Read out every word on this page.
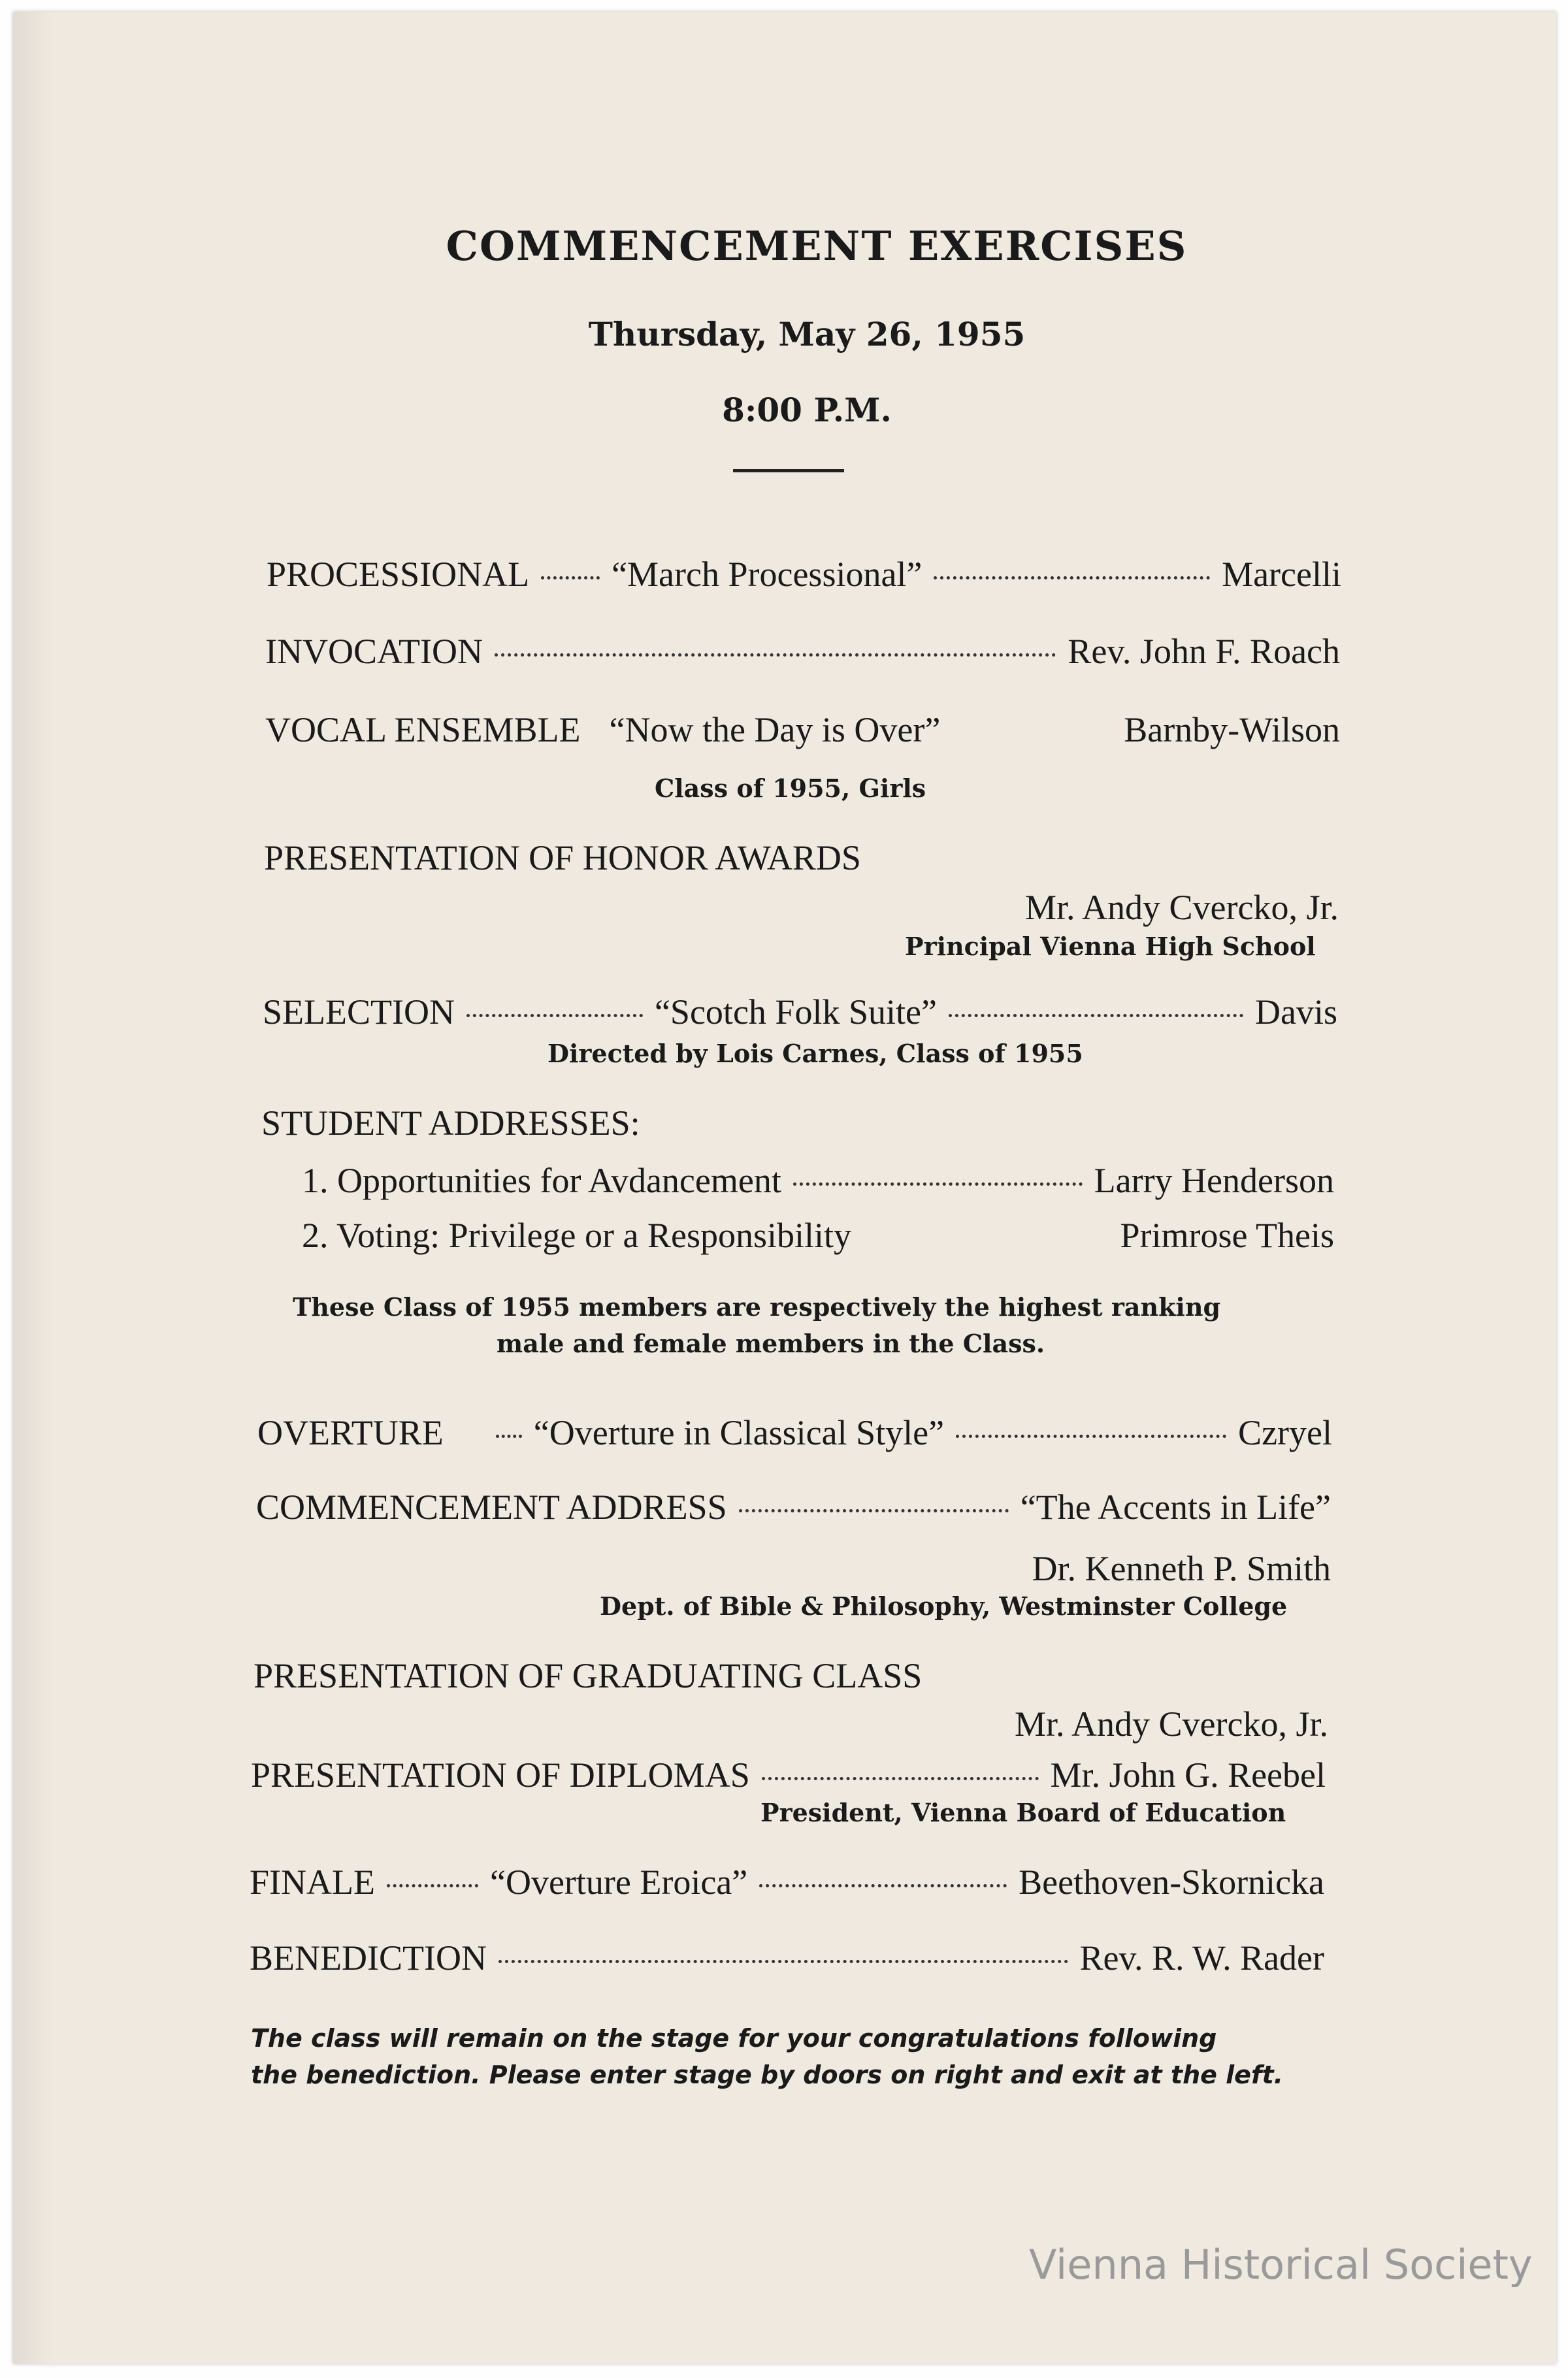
COMMENCEMENT EXERCISES
Thursday, May 26, 1955
8:00 P.M.
PROCESSIONAL “March Processional”	Marcelli
INVOCATION	Rev. John F. Roach
VOCAL ENSEMBLE “Now the Day is Over”	Barnby-Wilson
Class of 1955, Girls
PRESENTATION OF HONOR AWARDS
Mr. Andy Cvercko, Jr.
Principal Vienna High School
SELECTION	“Scotch Folk Suite”	Davis
Directed by Lois Carnes, Class of 1955
STUDENT ADDRESSES:
1. Opportunities for Avdancement	Larry Henderson
2. Voting: Privilege or a Responsibility	Primrose Theis
These Class of 1955 members are respectively the highest ranking
male and female members in the Class.
OVERTURE	“Overture in Classical Style”	Czryel
COMMENCEMENT ADDRESS	“The Accents in Life”
Dr. Kenneth P. Smith
Dept. of Bible & Philosophy, Westminster College
PRESENTATION OF GRADUATING CLASS
Mr. Andy Cvercko, Jr.
PRESENTATION OF DIPLOMAS	Mr. John G. Reebel
President, Vienna Board of Education
FINALE	“Overture Eroica”	Beethoven-Skornicka
BENEDICTION	Rev. R. W. Rader
The class will remain on the stage for your congratulations following
the benediction. Please enter stage by doors on right and exit at the left.
Vienna Historical Society
